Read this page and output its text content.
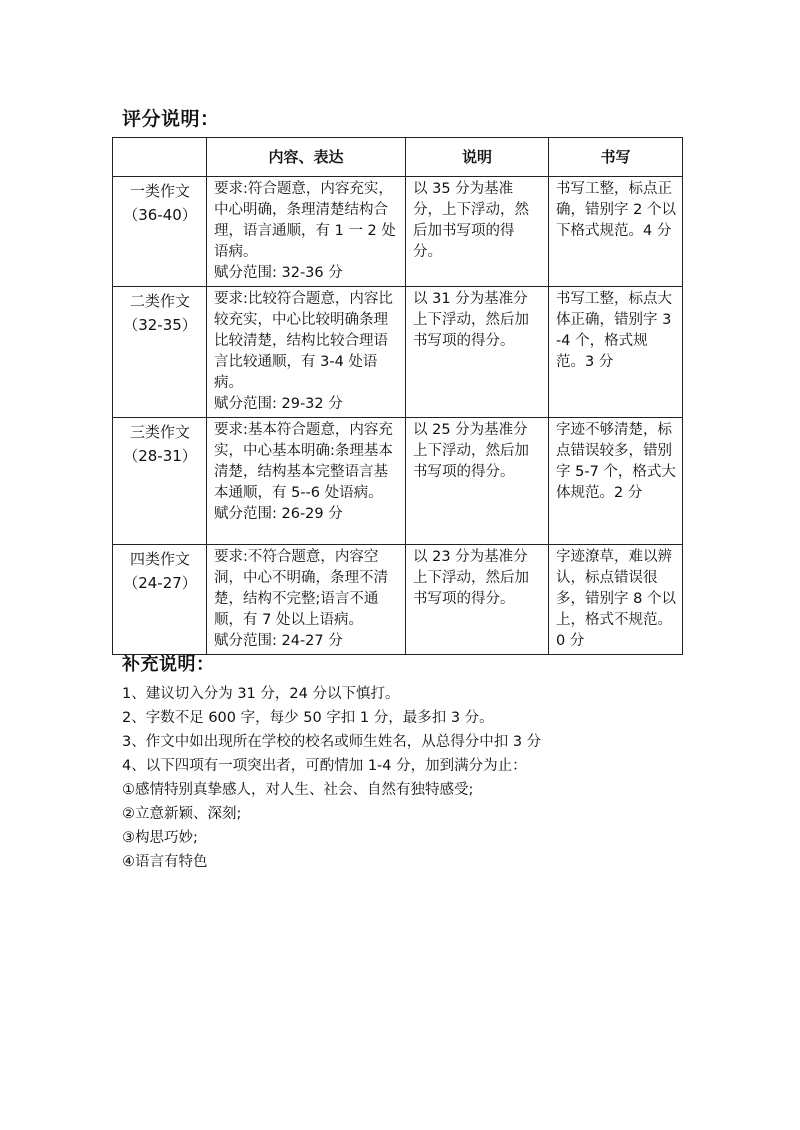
评分说明：
	内容、表达	说明	书写

一类作文
（36-40）	要求:符合题意，内容充实，中心明确，条理清楚结构合理，语言通顺，有 1 一 2 处语病。
赋分范围: 32-36 分	以 35 分为基准分，上下浮动，然后加书写项的得分。	书写工整，标点正确，错别字 2 个以下格式规范。4 分

二类作文
（32-35）	要求:比较符合题意，内容比较充实，中心比较明确条理比较清楚，结构比较合理语言比较通顺，有 3-4 处语病。
赋分范围: 29-32 分	以 31 分为基准分上下浮动，然后加书写项的得分。	书写工整，标点大体正确，错别字 3-4 个，格式规范。3 分

三类作文
（28-31）	要求:基本符合题意，内容充实，中心基本明确:条理基本清楚，结构基本完整语言基本通顺，有 5--6 处语病。
赋分范围: 26-29 分	以 25 分为基准分上下浮动，然后加书写项的得分。	字迹不够清楚，标点错误较多，错别字 5-7 个，格式大体规范。2 分

四类作文
（24-27）	要求:不符合题意，内容空洞，中心不明确，条理不清楚，结构不完整;语言不通顺，有 7 处以上语病。
赋分范围: 24-27 分	以 23 分为基准分上下浮动，然后加书写项的得分。	字迹潦草，难以辨认，标点错误很多，错别字 8 个以上，格式不规范。0 分
补充说明：
1、建议切入分为 31 分，24 分以下慎打。
2、字数不足 600 字，每少 50 字扣 1 分，最多扣 3 分。
3、作文中如出现所在学校的校名或师生姓名，从总得分中扣 3 分
4、以下四项有一项突出者，可酌情加 1-4 分，加到满分为止：
①感情特别真挚感人，对人生、社会、自然有独特感受;
②立意新颖、深刻;
③构思巧妙;
④语言有特色
